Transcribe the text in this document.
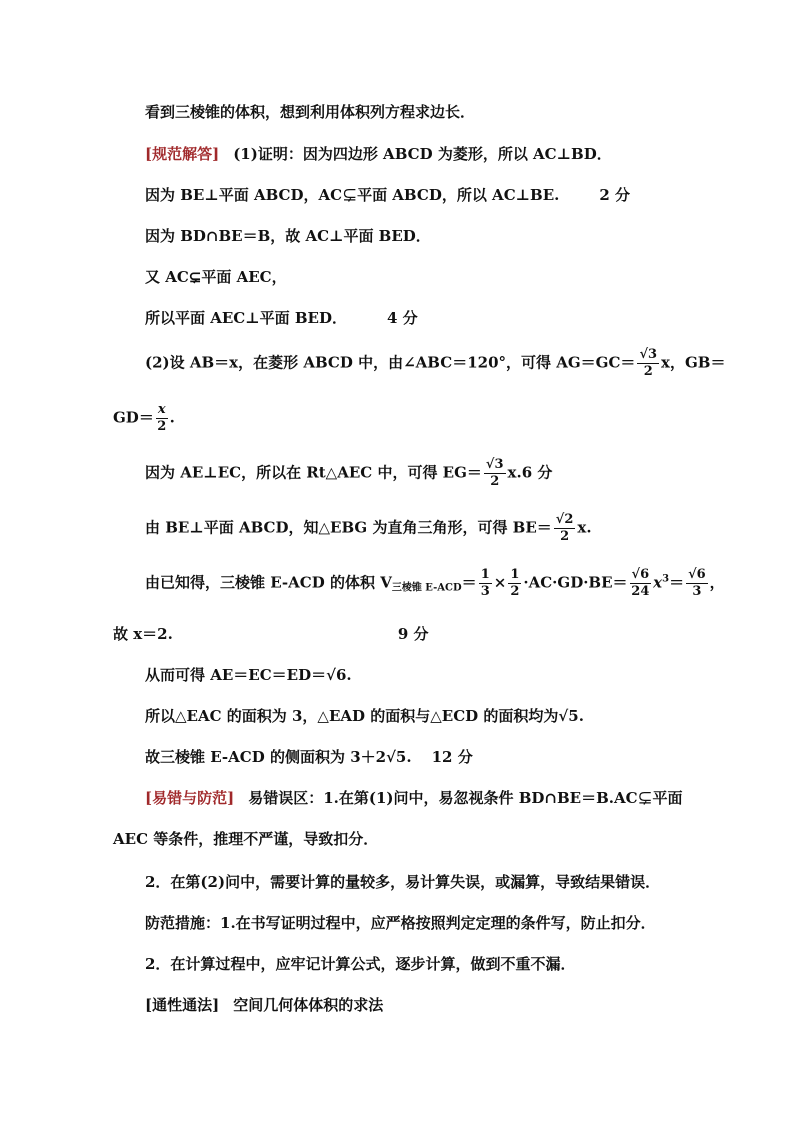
看到三棱锥的体积，想到利用体积列方程求边长．
[规范解答] (1)证明：因为四边形 ABCD 为菱形，所以 AC⊥BD．
因为 BE⊥平面 ABCD，AC⊊平面 ABCD，所以 AC⊥BE.	2 分
因为 BD∩BE＝B，故 AC⊥平面 BED．
又 AC⊊平面 AEC，
所以平面 AEC⊥平面 BED．	4 分
(2)设 AB＝x，在菱形 ABCD 中，由∠ABC＝120°，可得 $AG=GC= \frac{√3}{2}$ x，GB＝
$GD= \frac{x}{2}$ .
因为 AE⊥EC，所以在 Rt△AEC 中，可得 $EG= \frac{√3}{2} x.6$ 分
由 BE⊥平面 ABCD，知△EBG 为直角三角形，可得 $BE= \frac{√2}{2} x$.
由已知得，三棱锥 E-ACD 的体积 $V_{三棱锥 E-ACD}= \frac{1}{3} \times \frac{1}{2} \cdot AC\cdot GD\cdot BE= \frac{√6}{24} x^3= \frac{√6}{3}$ ，
故 x＝2.	9 分
从而可得 AE＝EC＝ED＝√6.
所以△EAC 的面积为 3，△EAD 的面积与△ECD 的面积均为√5.
故三棱锥 E-ACD 的侧面积为 3＋2√5. 12 分
[易错与防范] 易错误区：1.在第(1)问中，易忽视条件 BD∩BE＝B.AC⊊平面
AEC 等条件，推理不严谨，导致扣分．
2．在第(2)问中，需要计算的量较多，易计算失误，或漏算，导致结果错误．
防范措施：1.在书写证明过程中，应严格按照判定定理的条件写，防止扣分．
2．在计算过程中，应牢记计算公式，逐步计算，做到不重不漏．
[通性通法] 空间几何体体积的求法
